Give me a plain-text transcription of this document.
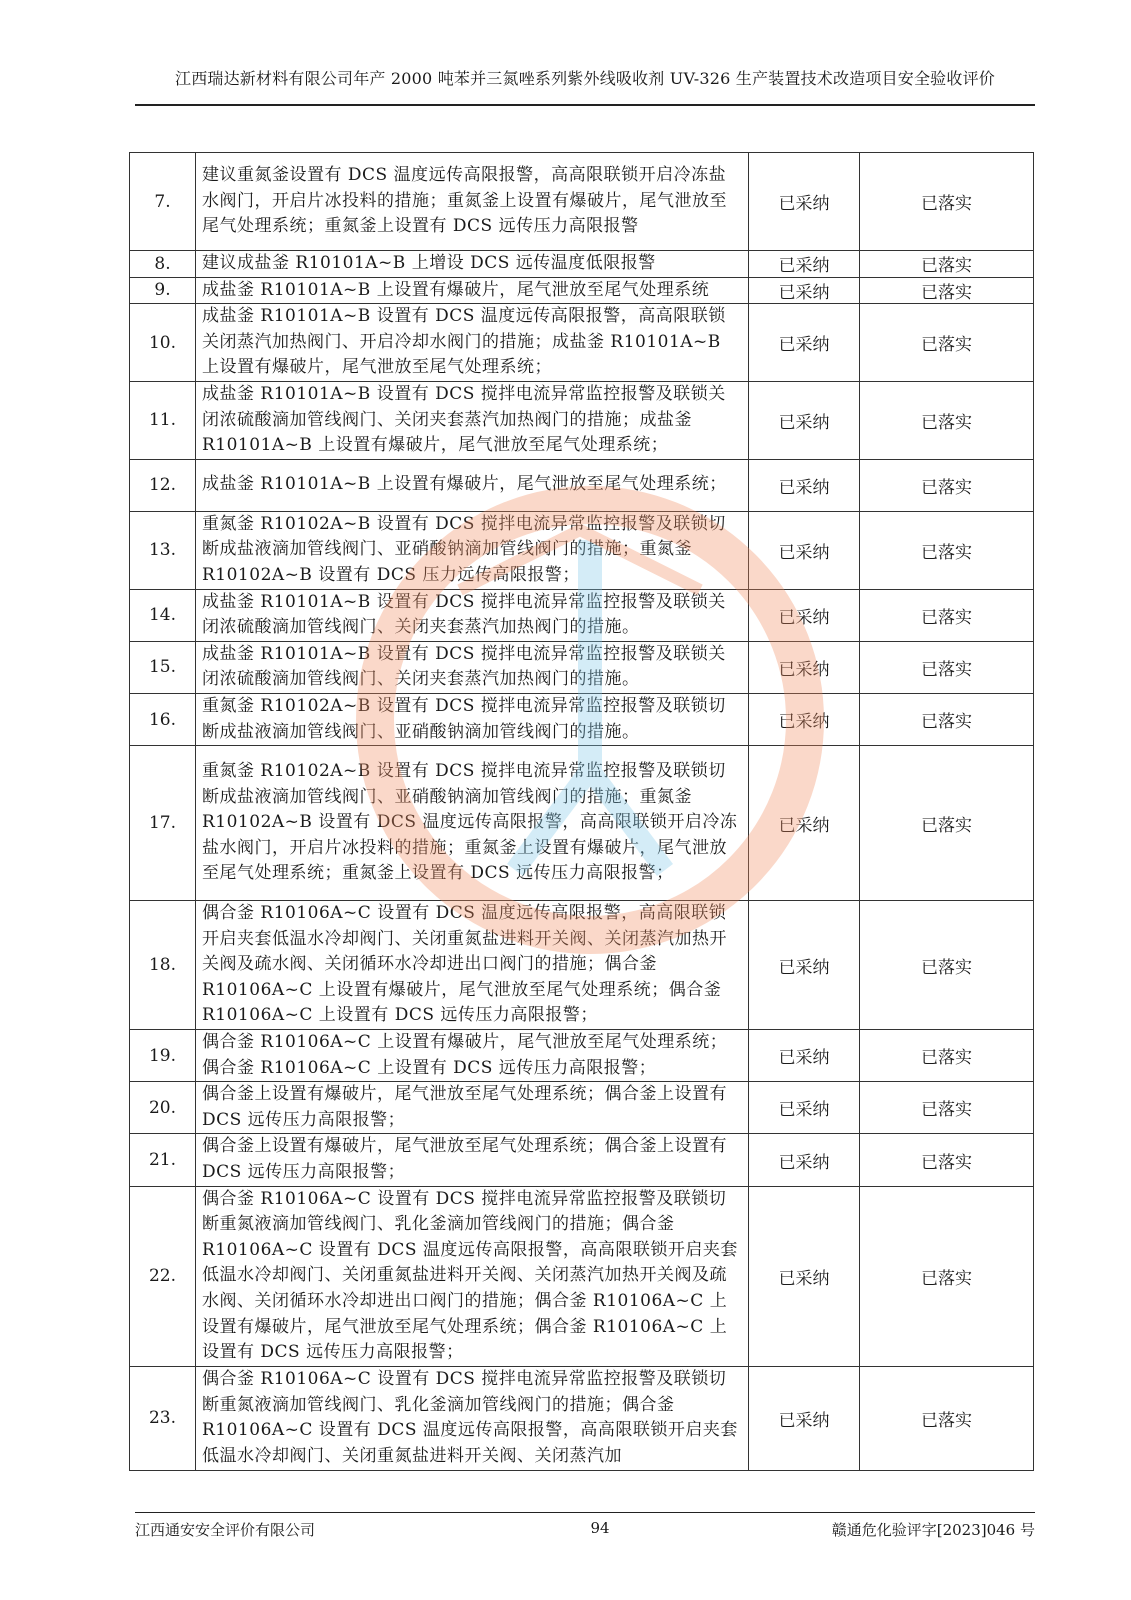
江西瑞达新材料有限公司年产 2000 吨苯并三氮唑系列紫外线吸收剂 UV-326 生产装置技术改造项目安全验收评价
7.	建议重氮釜设置有 DCS 温度远传高限报警，高高限联锁开启冷冻盐水阀门，开启片冰投料的措施；重氮釜上设置有爆破片，尾气泄放至尾气处理系统；重氮釜上设置有 DCS 远传压力高限报警	已采纳	已落实
8.	建议成盐釜 R10101A~B 上增设 DCS 远传温度低限报警	已采纳	已落实
9.	成盐釜 R10101A~B 上设置有爆破片，尾气泄放至尾气处理系统	已采纳	已落实
10.	成盐釜 R10101A~B 设置有 DCS 温度远传高限报警，高高限联锁关闭蒸汽加热阀门、开启冷却水阀门的措施；成盐釜 R10101A~B 上设置有爆破片，尾气泄放至尾气处理系统；	已采纳	已落实
11.	成盐釜 R10101A~B 设置有 DCS 搅拌电流异常监控报警及联锁关闭浓硫酸滴加管线阀门、关闭夹套蒸汽加热阀门的措施；成盐釜 R10101A~B 上设置有爆破片，尾气泄放至尾气处理系统；	已采纳	已落实
12.	成盐釜 R10101A~B 上设置有爆破片，尾气泄放至尾气处理系统；	已采纳	已落实
13.	重氮釜 R10102A~B 设置有 DCS 搅拌电流异常监控报警及联锁切断成盐液滴加管线阀门、亚硝酸钠滴加管线阀门的措施；重氮釜 R10102A~B 设置有 DCS 压力远传高限报警；	已采纳	已落实
14.	成盐釜 R10101A~B 设置有 DCS 搅拌电流异常监控报警及联锁关闭浓硫酸滴加管线阀门、关闭夹套蒸汽加热阀门的措施。	已采纳	已落实
15.	成盐釜 R10101A~B 设置有 DCS 搅拌电流异常监控报警及联锁关闭浓硫酸滴加管线阀门、关闭夹套蒸汽加热阀门的措施。	已采纳	已落实
16.	重氮釜 R10102A~B 设置有 DCS 搅拌电流异常监控报警及联锁切断成盐液滴加管线阀门、亚硝酸钠滴加管线阀门的措施。	已采纳	已落实
17.	重氮釜 R10102A~B 设置有 DCS 搅拌电流异常监控报警及联锁切断成盐液滴加管线阀门、亚硝酸钠滴加管线阀门的措施；重氮釜 R10102A~B 设置有 DCS 温度远传高限报警，高高限联锁开启冷冻盐水阀门，开启片冰投料的措施；重氮釜上设置有爆破片，尾气泄放至尾气处理系统；重氮釜上设置有 DCS 远传压力高限报警；	已采纳	已落实
18.	偶合釜 R10106A~C 设置有 DCS 温度远传高限报警，高高限联锁开启夹套低温水冷却阀门、关闭重氮盐进料开关阀、关闭蒸汽加热开关阀及疏水阀、关闭循环水冷却进出口阀门的措施；偶合釜 R10106A~C 上设置有爆破片，尾气泄放至尾气处理系统；偶合釜 R10106A~C 上设置有 DCS 远传压力高限报警；	已采纳	已落实
19.	偶合釜 R10106A~C 上设置有爆破片，尾气泄放至尾气处理系统；偶合釜 R10106A~C 上设置有 DCS 远传压力高限报警；	已采纳	已落实
20.	偶合釜上设置有爆破片，尾气泄放至尾气处理系统；偶合釜上设置有 DCS 远传压力高限报警；	已采纳	已落实
21.	偶合釜上设置有爆破片，尾气泄放至尾气处理系统；偶合釜上设置有 DCS 远传压力高限报警；	已采纳	已落实
22.	偶合釜 R10106A~C 设置有 DCS 搅拌电流异常监控报警及联锁切断重氮液滴加管线阀门、乳化釜滴加管线阀门的措施；偶合釜 R10106A~C 设置有 DCS 温度远传高限报警，高高限联锁开启夹套低温水冷却阀门、关闭重氮盐进料开关阀、关闭蒸汽加热开关阀及疏水阀、关闭循环水冷却进出口阀门的措施；偶合釜 R10106A~C 上设置有爆破片，尾气泄放至尾气处理系统；偶合釜 R10106A~C 上设置有 DCS 远传压力高限报警；	已采纳	已落实
23.	偶合釜 R10106A~C 设置有 DCS 搅拌电流异常监控报警及联锁切断重氮液滴加管线阀门、乳化釜滴加管线阀门的措施；偶合釜 R10106A~C 设置有 DCS 温度远传高限报警，高高限联锁开启夹套低温水冷却阀门、关闭重氮盐进料开关阀、关闭蒸汽加	已采纳	已落实
江西通安安全评价有限公司	94	赣通危化验评字[2023]046 号
